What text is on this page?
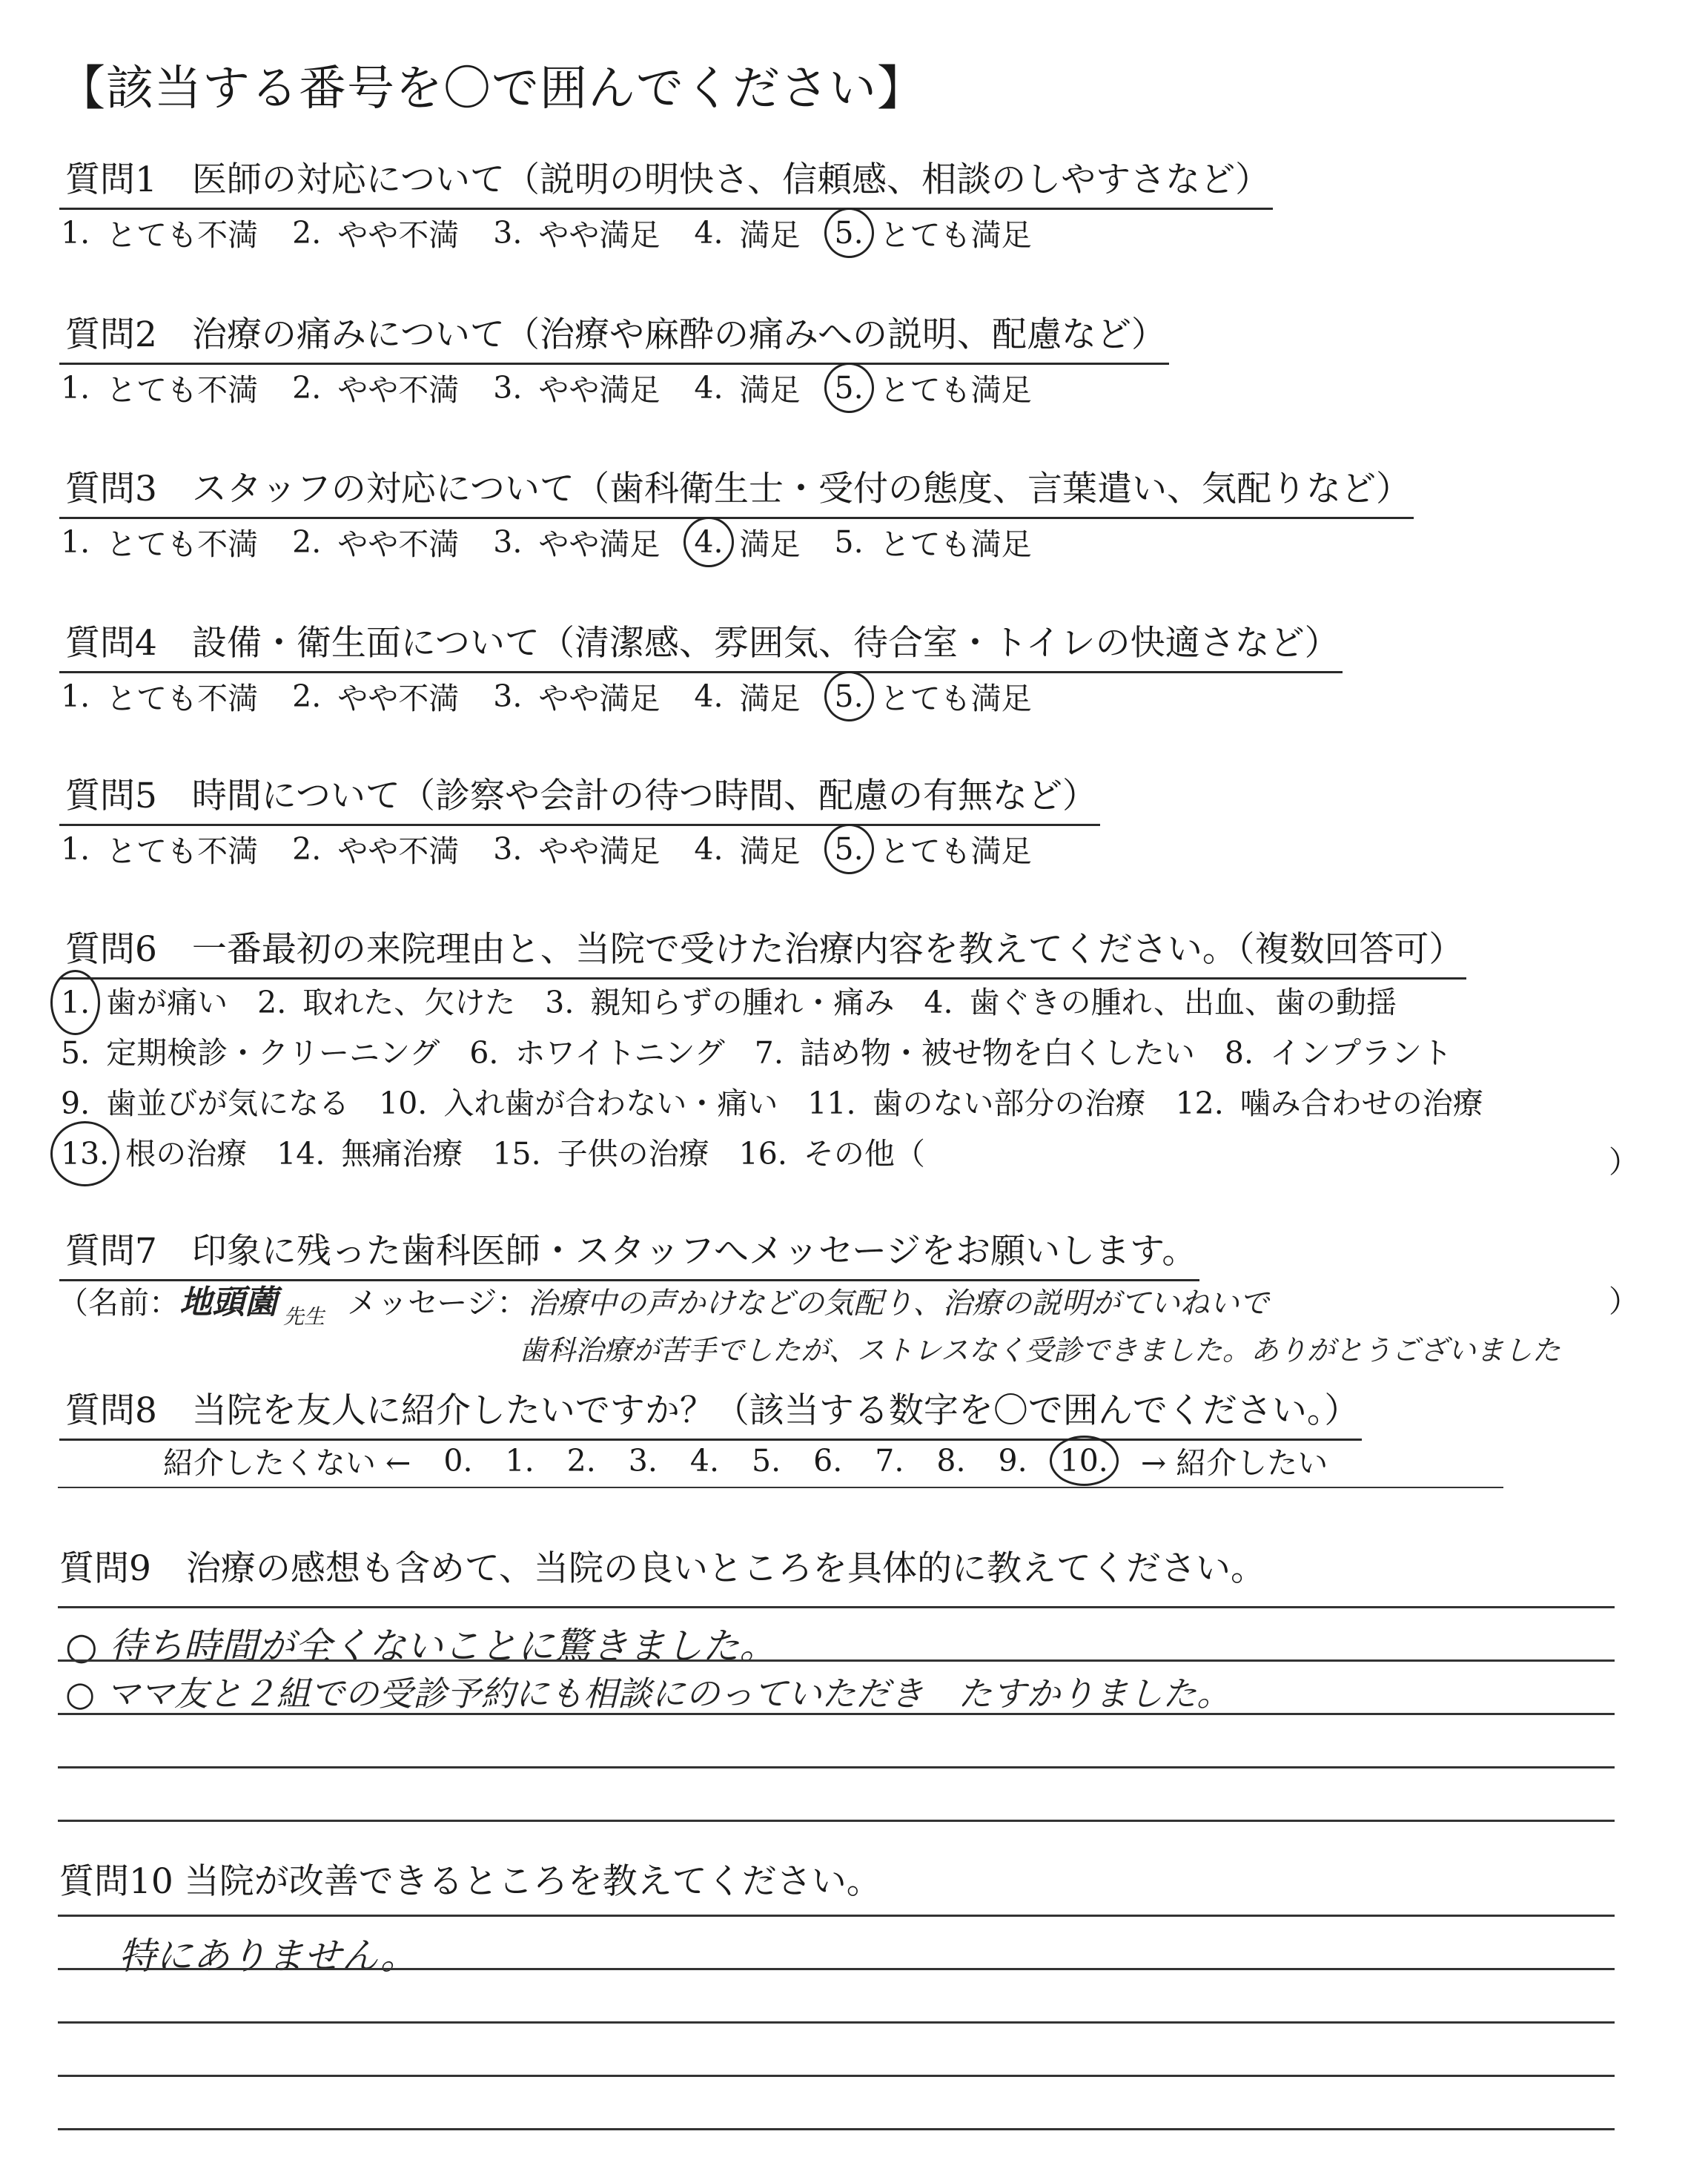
【該当する番号を〇で囲んでください】
質問1　医師の対応について（説明の明快さ、信頼感、相談のしやすさなど）
1. とても不満 2. やや不満 3. やや満足 4. 満足 5. とても満足
質問2　治療の痛みについて（治療や麻酔の痛みへの説明、配慮など）
1. とても不満 2. やや不満 3. やや満足 4. 満足 5. とても満足
質問3　スタッフの対応について（歯科衛生士・受付の態度、言葉遣い、気配りなど）
1. とても不満 2. やや不満 3. やや満足 4. 満足 5. とても満足
質問4　設備・衛生面について（清潔感、雰囲気、待合室・トイレの快適さなど）
1. とても不満 2. やや不満 3. やや満足 4. 満足 5. とても満足
質問5　時間について（診察や会計の待つ時間、配慮の有無など）
1. とても不満 2. やや不満 3. やや満足 4. 満足 5. とても満足
質問6　一番最初の来院理由と、当院で受けた治療内容を教えてください。（複数回答可）
1. 歯が痛い 2. 取れた、欠けた 3. 親知らずの腫れ・痛み 4. 歯ぐきの腫れ、出血、歯の動揺
5. 定期検診・クリーニング 6. ホワイトニング 7. 詰め物・被せ物を白くしたい 8. インプラント
9. 歯並びが気になる 10. 入れ歯が合わない・痛い 11. 歯のない部分の治療 12. 噛み合わせの治療
13. 根の治療 14. 無痛治療 15. 子供の治療 16. その他（	）
質問7　印象に残った歯科医師・スタッフへメッセージをお願いします。
（名前： 地頭薗 先生 メッセージ： 治療中の声かけなどの気配り、治療の説明がていねいで	）
歯科治療が苦手でしたが、ストレスなく受診できました。ありがとうございました
質問8　当院を友人に紹介したいですか？（該当する数字を〇で囲んでください。）
紹介したくない ← 0. 1. 2. 3. 4. 5. 6. 7. 8. 9. 10. → 紹介したい
質問9　治療の感想も含めて、当院の良いところを具体的に教えてください。
○ 待ち時間が全くないことに驚きました。
○ ママ友と２組での受診予約にも相談にのっていただき　たすかりました。
質問10 当院が改善できるところを教えてください。
特にありません。
